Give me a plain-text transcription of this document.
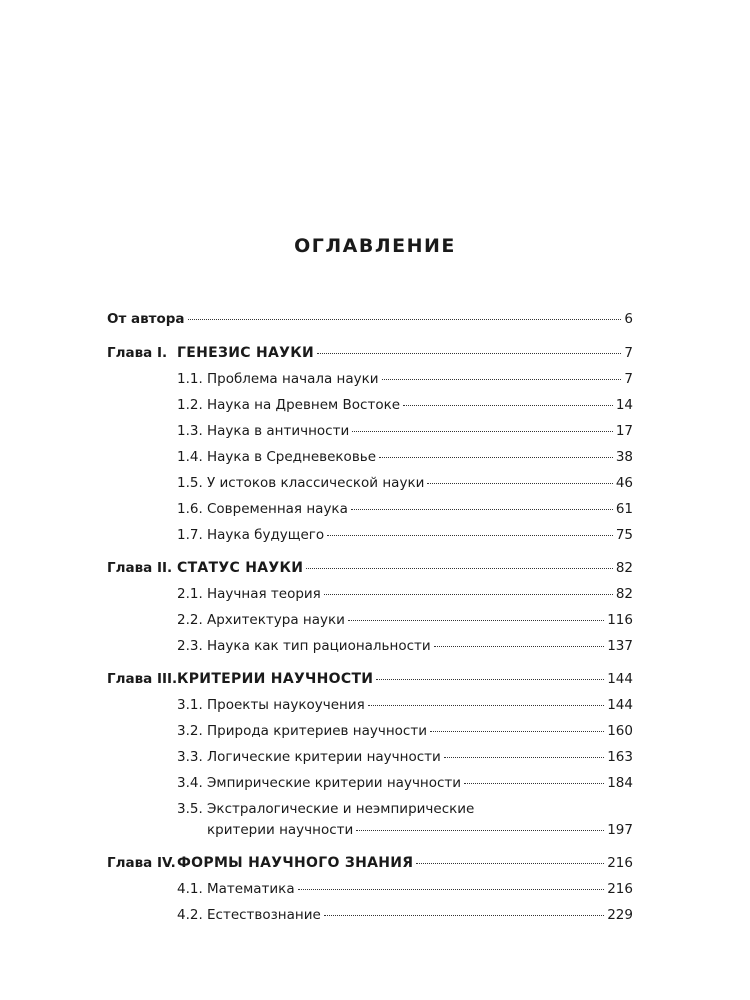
ОГЛАВЛЕНИЕ
От автора	6
Глава I. ГЕНЕЗИС НАУКИ	7
1.1. Проблема начала науки	7
1.2. Наука на Древнем Востоке	14
1.3. Наука в античности	17
1.4. Наука в Средневековье	38
1.5. У истоков классической науки	46
1.6. Современная наука	61
1.7. Наука будущего	75
Глава II. СТАТУС НАУКИ	82
2.1. Научная теория	82
2.2. Архитектура науки	116
2.3. Наука как тип рациональности	137
Глава III. КРИТЕРИИ НАУЧНОСТИ	144
3.1. Проекты наукоучения	144
3.2. Природа критериев научности	160
3.3. Логические критерии научности	163
3.4. Эмпирические критерии научности	184
3.5. Экстралогические и неэмпирические
критерии научности	197
Глава IV. ФОРМЫ НАУЧНОГО ЗНАНИЯ	216
4.1. Математика	216
4.2. Естествознание	229
